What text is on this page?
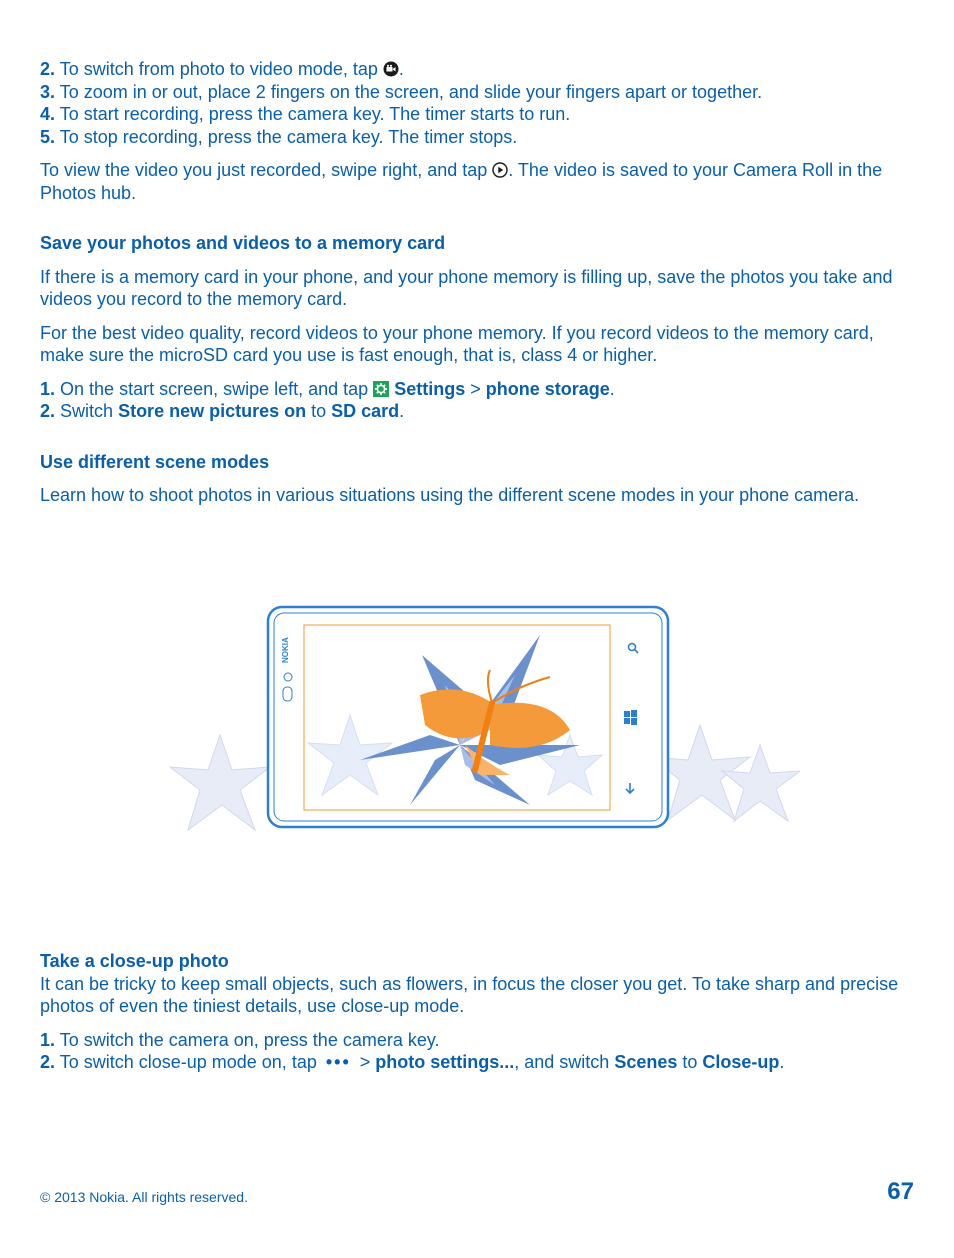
2. To switch from photo to video mode, tap .

3. To zoom in or out, place 2 fingers on the screen, and slide your fingers apart or together.

4. To start recording, press the camera key. The timer starts to run.

5. To stop recording, press the camera key. The timer stops.

To view the video you just recorded, swipe right, and tap . The video is saved to your Camera Roll in the Photos hub.

Save your photos and videos to a memory card

If there is a memory card in your phone, and your phone memory is filling up, save the photos you take and videos you record to the memory card.

For the best video quality, record videos to your phone memory. If you record videos to the memory card, make sure the microSD card you use is fast enough, that is, class 4 or higher.

1. On the start screen, swipe left, and tap  Settings > phone storage.

2. Switch Store new pictures on to SD card.

Use different scene modes

Learn how to shoot photos in various situations using the different scene modes in your phone camera.

NOKIA

Take a close-up photo

It can be tricky to keep small objects, such as flowers, in focus the closer you get. To take sharp and precise photos of even the tiniest details, use close-up mode.

1. To switch the camera on, press the camera key.

2. To switch close-up mode on, tap ••• > photo settings..., and switch Scenes to Close-up.

© 2013 Nokia. All rights reserved.	67
